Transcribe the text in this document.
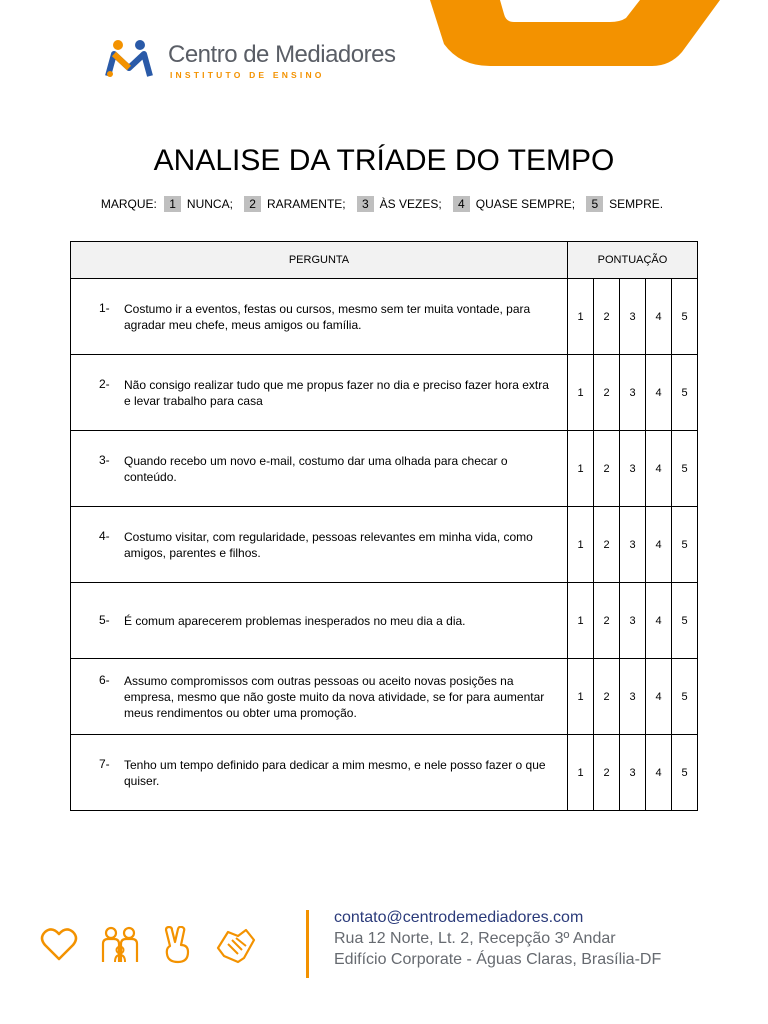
Centro de Mediadores
INSTITUTO DE ENSINO
ANALISE DA TRÍADE DO TEMPO
MARQUE: 1 NUNCA; 2 RARAMENTE; 3 ÀS VEZES; 4 QUASE SEMPRE; 5 SEMPRE.
PERGUNTA	PONTUAÇÃO				

1- Costumo ir a eventos, festas ou cursos, mesmo sem ter muita vontade, para agradar meu chefe, meus amigos ou família.	1	2	3	4	5

2- Não consigo realizar tudo que me propus fazer no dia e preciso fazer hora extra e levar trabalho para casa	1	2	3	4	5

3- Quando recebo um novo e-mail, costumo dar uma olhada para checar o conteúdo.	1	2	3	4	5

4- Costumo visitar, com regularidade, pessoas relevantes em minha vida, como amigos, parentes e filhos.	1	2	3	4	5

5- É comum aparecerem problemas inesperados no meu dia a dia.	1	2	3	4	5

6- Assumo compromissos com outras pessoas ou aceito novas posições na empresa, mesmo que não goste muito da nova atividade, se for para aumentar meus rendimentos ou obter uma promoção.	1	2	3	4	5

7- Tenho um tempo definido para dedicar a mim mesmo, e nele posso fazer o que quiser.	1	2	3	4	5
contato@centrodemediadores.com
Rua 12 Norte, Lt. 2, Recepção 3º Andar
Edifício Corporate - Águas Claras, Brasília-DF
